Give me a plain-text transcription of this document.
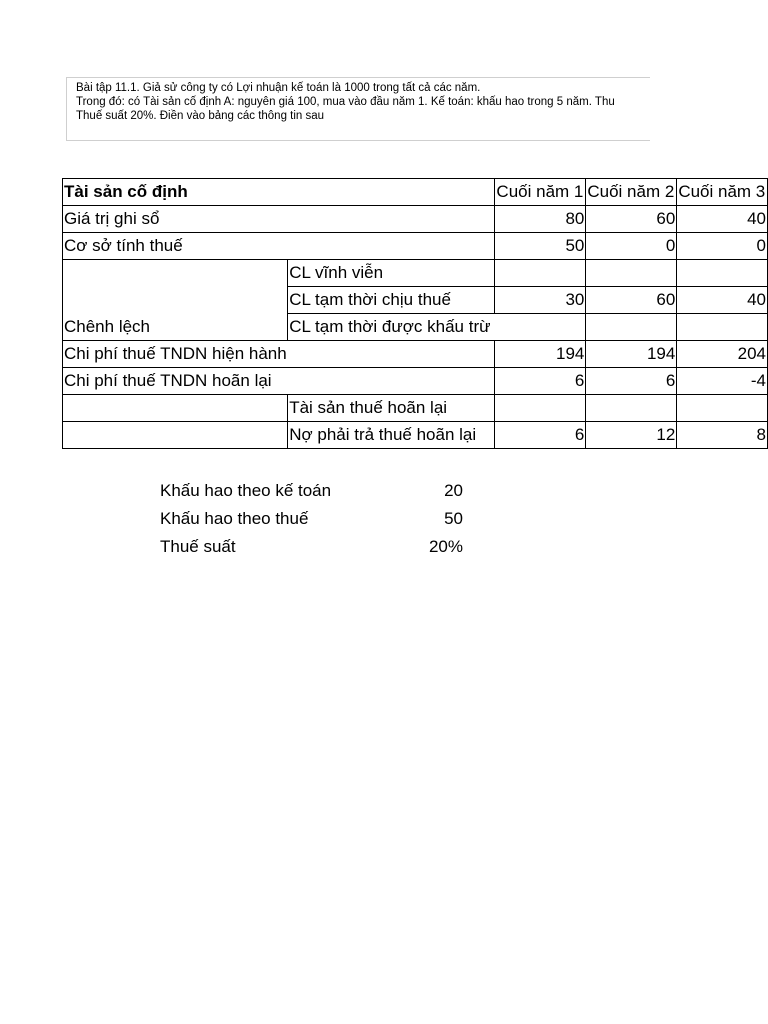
Bài tập 11.1. Giả sử công ty có Lợi nhuận kế toán là 1000 trong tất cả các năm.
Trong đó: có Tài sản cố định A: nguyên giá 100, mua vào đầu năm 1. Kế toán: khấu hao trong 5 năm. Thu
Thuế suất 20%. Điền vào bảng các thông tin sau
Tài sản cố định		Cuối năm 1	Cuối năm 2	Cuối năm 3
Giá trị ghi sổ		80	60	40
Cơ sở tính thuế		50	0	0
	CL vĩnh viễn			
	CL tạm thời chịu thuế	30	60	40
Chênh lệch	CL tạm thời được khấu trừ			
Chi phí thuế TNDN hiện hành		194	194	204
Chi phí thuế TNDN hoãn lại		6	6	-4
	Tài sản thuế hoãn lại			
	Nợ phải trả thuế hoãn lại	6	12	8
Khấu hao theo kế toán	20
Khấu hao theo thuế	50
Thuế suất	20%
